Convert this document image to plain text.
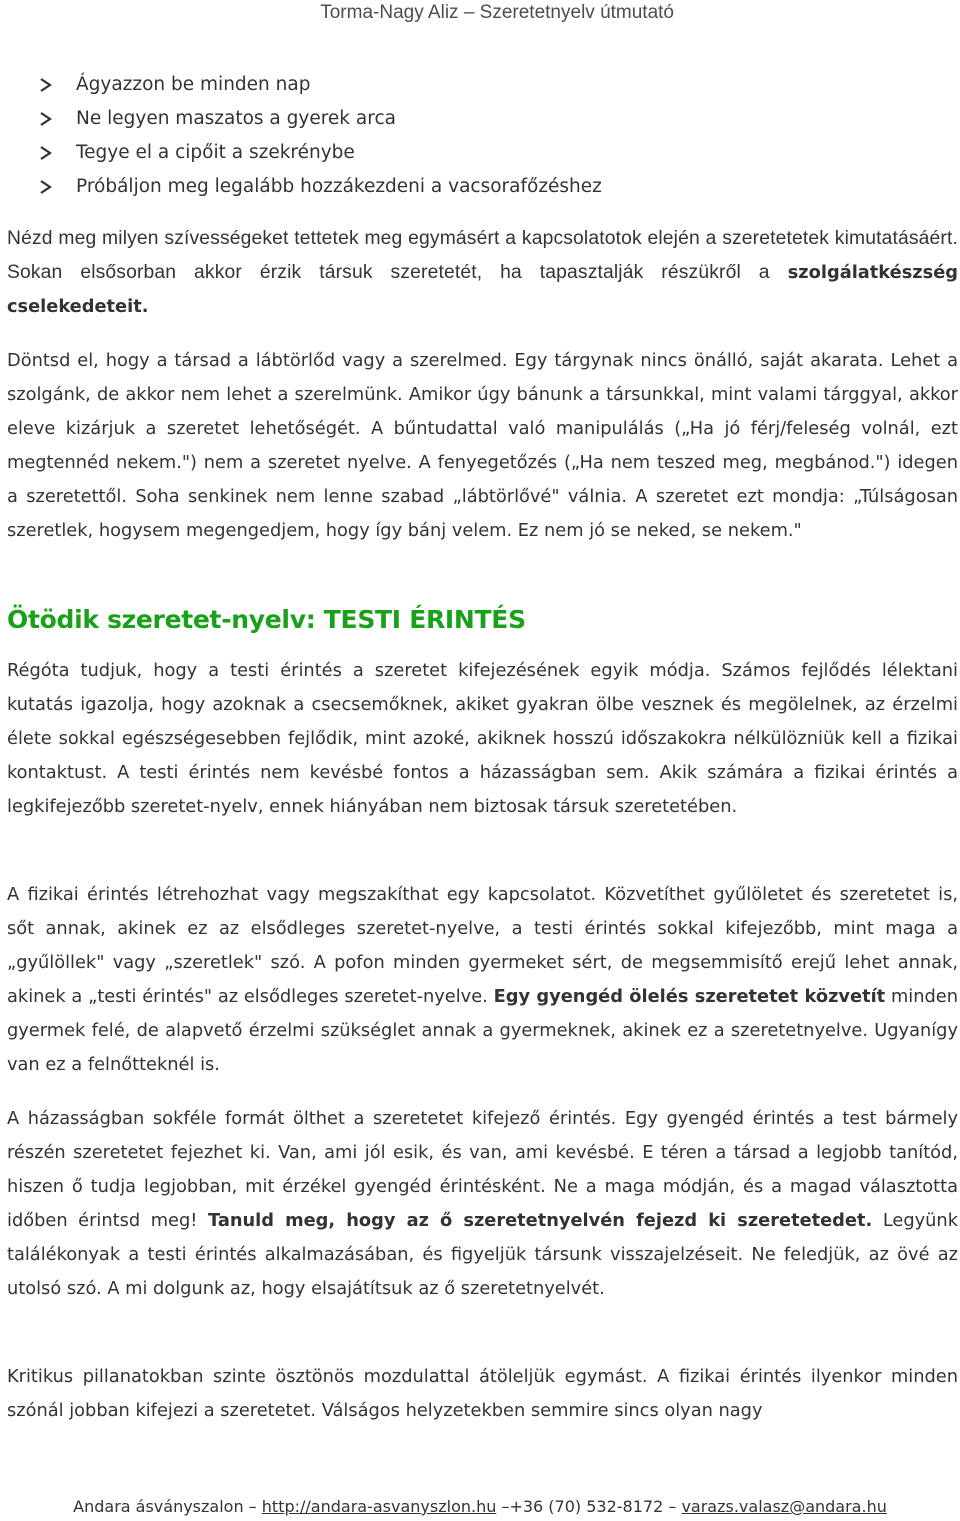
Torma-Nagy Aliz – Szeretetnyelv útmutató
Ágyazzon be minden nap
Ne legyen maszatos a gyerek arca
Tegye el a cipőit a szekrénybe
Próbáljon meg legalább hozzákezdeni a vacsorafőzéshez

Nézd meg milyen szívességeket tettetek meg egymásért a kapcsolatotok elején a szeretetetek kimutatásáért. Sokan elsősorban akkor érzik társuk szeretetét, ha tapasztalják részükről a szolgálatkészség cselekedeteit.

Döntsd el, hogy a társad a lábtörlőd vagy a szerelmed. Egy tárgynak nincs önálló, saját akarata. Lehet a szolgánk, de akkor nem lehet a szerelmünk. Amikor úgy bánunk a társunkkal, mint valami tárggyal, akkor eleve kizárjuk a szeretet lehetőségét. A bűntudattal való manipulálás („Ha jó férj/feleség volnál, ezt megtennéd nekem.") nem a szeretet nyelve. A fenyegetőzés („Ha nem teszed meg, megbánod.") idegen a szeretettől. Soha senkinek nem lenne szabad „lábtörlővé" válnia. A szeretet ezt mondja: „Túlságosan szeretlek, hogysem megengedjem, hogy így bánj velem. Ez nem jó se neked, se nekem."

Ötödik szeretet-nyelv: TESTI ÉRINTÉS

Régóta tudjuk, hogy a testi érintés a szeretet kifejezésének egyik módja. Számos fejlődés lélektani kutatás igazolja, hogy azoknak a csecsemőknek, akiket gyakran ölbe vesznek és megölelnek, az érzelmi élete sokkal egészségesebben fejlődik, mint azoké, akiknek hosszú időszakokra nélkülözniük kell a fizikai kontaktust. A testi érintés nem kevésbé fontos a házasságban sem. Akik számára a fizikai érintés a legkifejezőbb szeretet-nyelv, ennek hiányában nem biztosak társuk szeretetében.

A fizikai érintés létrehozhat vagy megszakíthat egy kapcsolatot. Közvetíthet gyűlöletet és szeretetet is, sőt annak, akinek ez az elsődleges szeretet-nyelve, a testi érintés sokkal kifejezőbb, mint maga a „gyűlöllek" vagy „szeretlek" szó. A pofon minden gyermeket sért, de megsemmisítő erejű lehet annak, akinek a „testi érintés" az elsődleges szeretet-nyelve. Egy gyengéd ölelés szeretetet közvetít minden gyermek felé, de alapvető érzelmi szükséglet annak a gyermeknek, akinek ez a szeretetnyelve. Ugyanígy van ez a felnőtteknél is.

A házasságban sokféle formát ölthet a szeretetet kifejező érintés. Egy gyengéd érintés a test bármely részén szeretetet fejezhet ki. Van, ami jól esik, és van, ami kevésbé. E téren a társad a legjobb tanítód, hiszen ő tudja legjobban, mit érzékel gyengéd érintésként. Ne a maga módján, és a magad választotta időben érintsd meg! Tanuld meg, hogy az ő szeretetnyelvén fejezd ki szeretetedet. Legyünk találékonyak a testi érintés alkalmazásában, és figyeljük társunk visszajelzéseit. Ne feledjük, az övé az utolsó szó. A mi dolgunk az, hogy elsajátítsuk az ő szeretetnyelvét.

Kritikus pillanatokban szinte ösztönös mozdulattal átöleljük egymást. A fizikai érintés ilyenkor minden szónál jobban kifejezi a szeretetet. Válságos helyzetekben semmire sincs olyan nagy

Andara ásványszalon – http://andara-asvanyszlon.hu –+36 (70) 532-8172 – varazs.valasz@andara.hu
